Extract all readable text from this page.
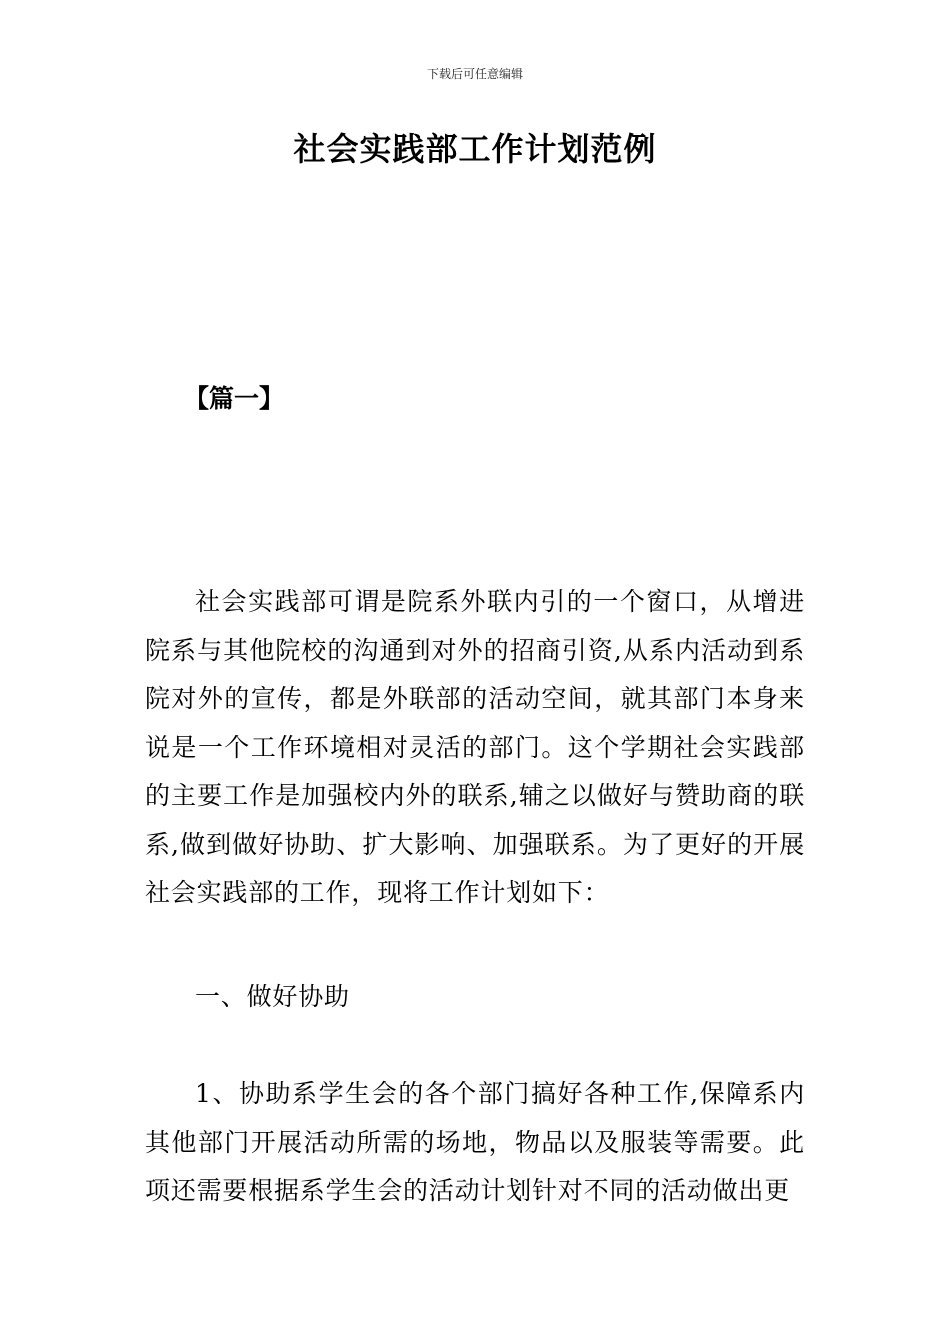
下载后可任意编辑
社会实践部工作计划范例
【篇一】

社会实践部可谓是院系外联内引的一个窗口，从增进院系与其他院校的沟通到对外的招商引资,从系内活动到系院对外的宣传，都是外联部的活动空间，就其部门本身来说是一个工作环境相对灵活的部门。这个学期社会实践部的主要工作是加强校内外的联系,辅之以做好与赞助商的联系,做到做好协助、扩大影响、加强联系。为了更好的开展社会实践部的工作，现将工作计划如下：

一、做好协助

1、协助系学生会的各个部门搞好各种工作,保障系内其他部门开展活动所需的场地，物品以及服装等需要。此项还需要根据系学生会的活动计划针对不同的活动做出更
